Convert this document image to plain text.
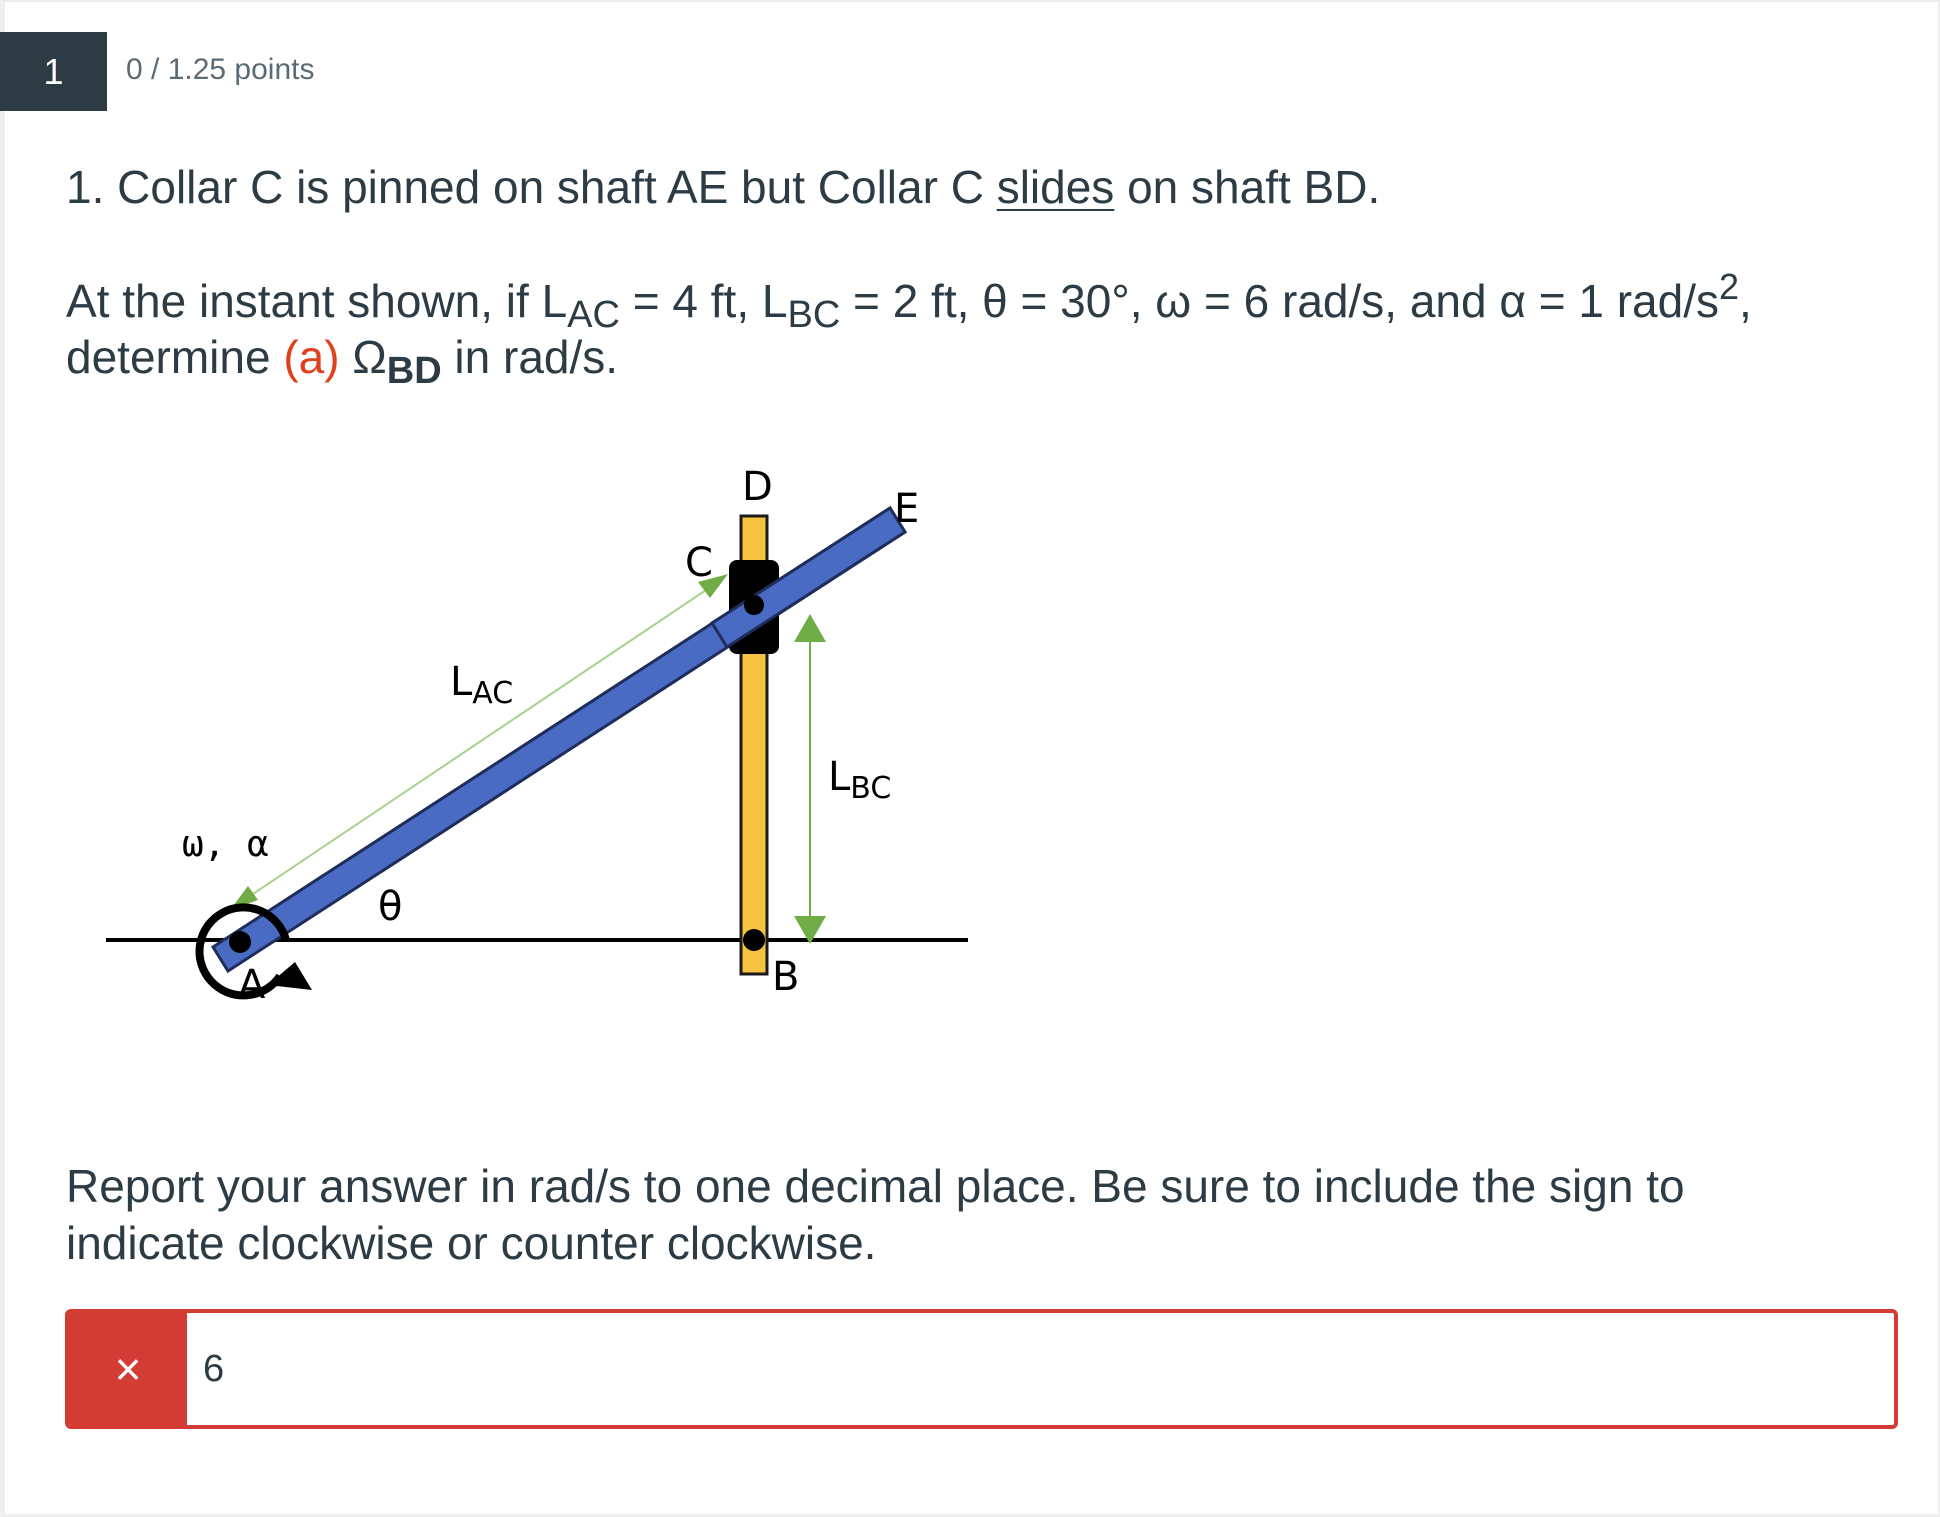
1 0 / 1.25 points
1. Collar C is pinned on shaft AE but Collar C slides on shaft BD.
At the instant shown, if $L_{AC} = 4$ ft, $L_{BC} = 2$ ft, θ = 30°, ω = 6 rad/s, and α = 1 rad/$s^2$,
determine (a) $\Omega_{BD}$ in rad/s.
D	E
C
A	B
θ
ω, α
$L_{AC}$
$L_{BC}$
Report your answer in rad/s to one decimal place. Be sure to include the sign to indicate clockwise or counter clockwise.
×	6
